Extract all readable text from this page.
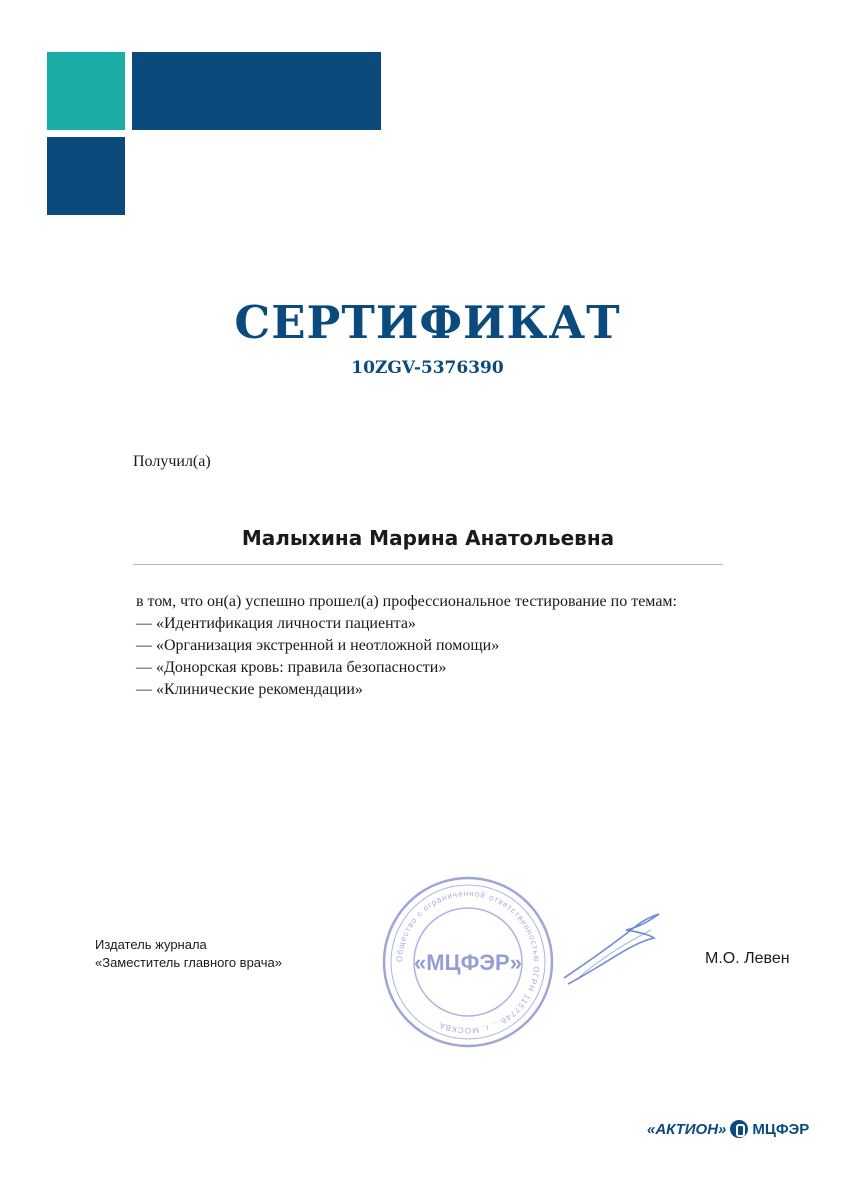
СЕРТИФИКАТ
10ZGV-5376390
Получил(а)
Малыхина Марина Анатольевна
в том, что он(а) успешно прошел(а) профессиональное тестирование по темам:
— «Идентификация личности пациента»
— «Организация экстренной и неотложной помощи»
— «Донорская кровь: правила безопасности»
— «Клинические рекомендации»
Издатель журнала
«Заместитель главного врача»	Общество с ограниченной ответственностью ОГРН 1157746... г. МОСКВА
«МЦФЭР»	М.О. Левен
«АКТИОН» МЦФЭР
